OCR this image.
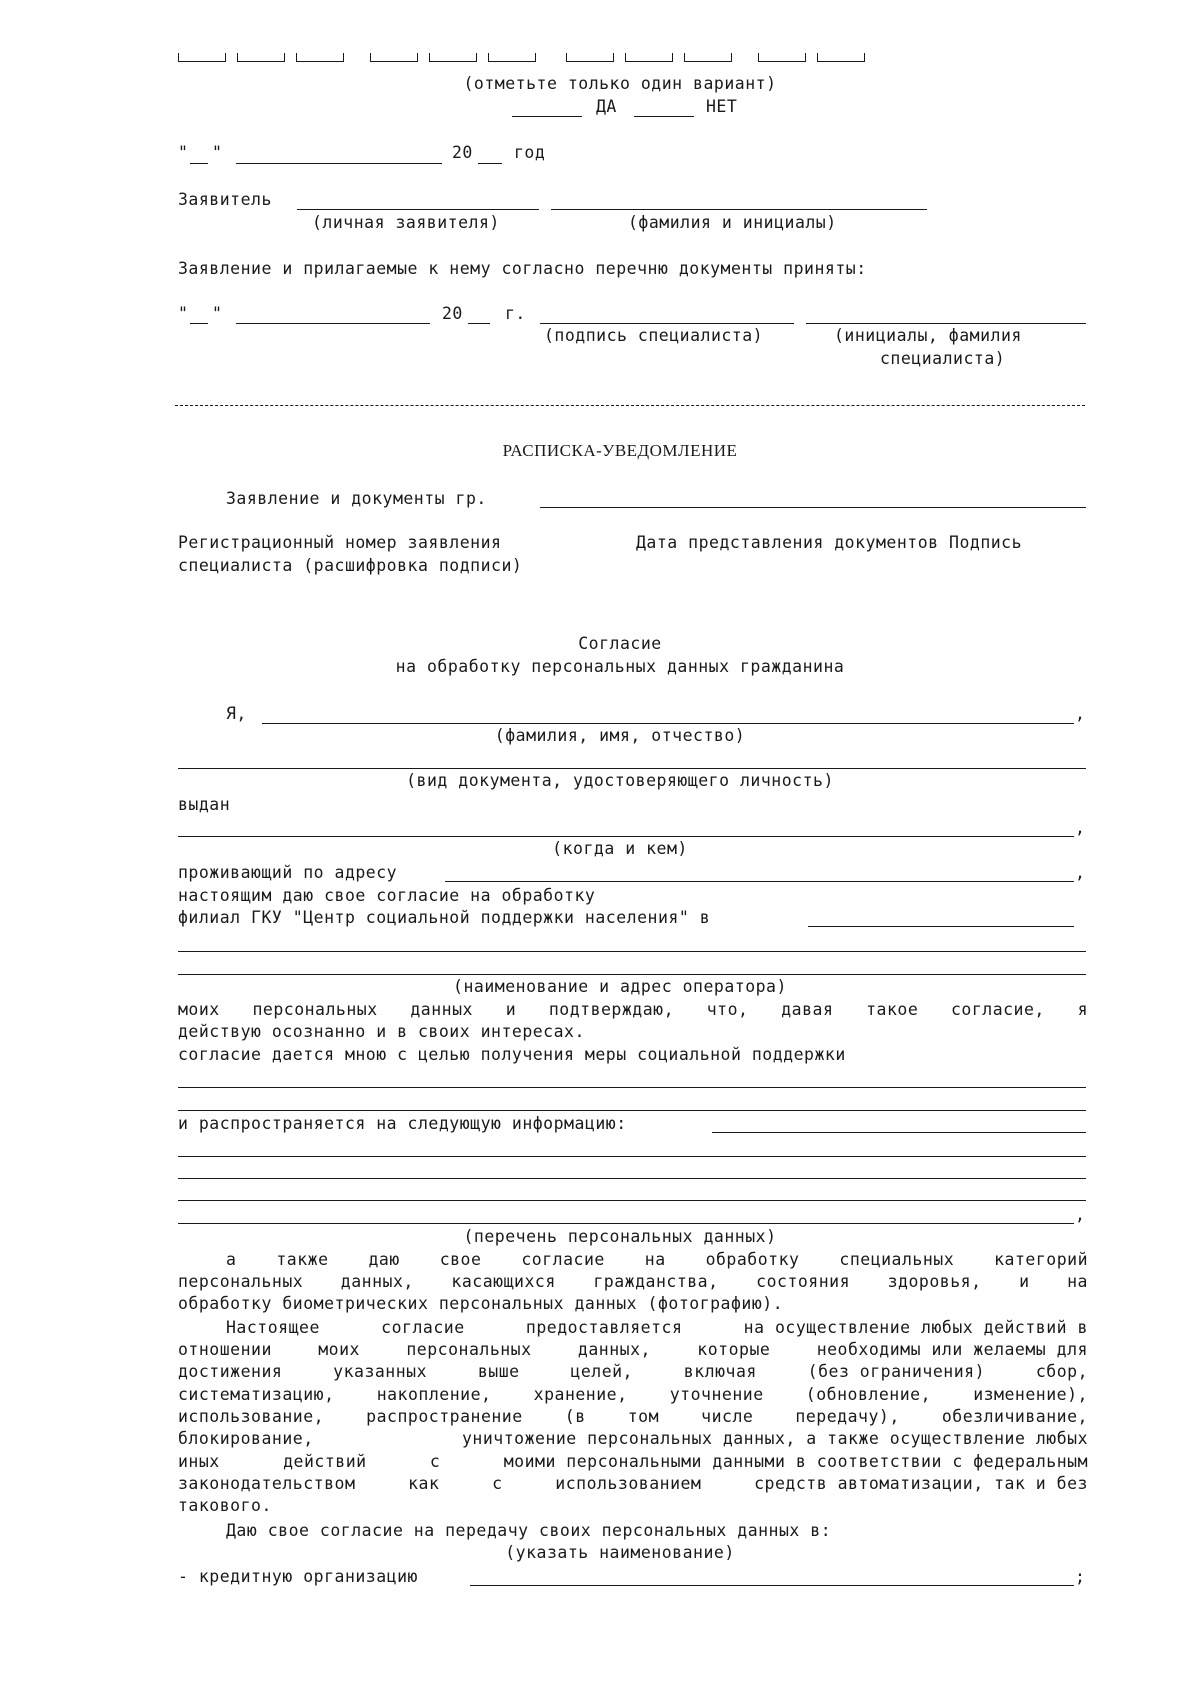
(отметьте только один вариант)
ДА	НЕТ
" "	20 год
Заявитель
(личная заявителя)	(фамилия и инициалы)
Заявление и прилагаемые к нему согласно перечню документы приняты:
" "	20	г.
(подпись специалиста)	(инициалы, фамилия
специалиста)
РАСПИСКА-УВЕДОМЛЕНИЕ
Заявление и документы гр.
Регистрационный номер заявления	Дата представления документов Подпись
специалиста (расшифровка подписи)
Согласие
на обработку персональных данных гражданина
Я,	,
(фамилия, имя, отчество)
(вид документа, удостоверяющего личность)
выдан
,
(когда и кем)
проживающий по адресу	,
настоящим даю свое согласие на обработку
филиал ГКУ "Центр социальной поддержки населения" в
(наименование и адрес оператора)
моих персональных данных и подтверждаю, что, давая такое согласие, я
действую осознанно и в своих интересах.
согласие дается мною с целью получения меры социальной поддержки
и распространяется на следующую информацию:
,
(перечень персональных данных)
а также даю свое согласие на обработку специальных категорий
персональных данных, касающихся гражданства, состояния здоровья, и на
обработку биометрических персональных данных (фотографию).
Настоящее	согласие	предоставляется	на осуществление любых действий в
отношении	моих	персональных	данных,	которые	необходимы или желаемы для
достижения	указанных	выше	целей,	включая	(без ограничения)	сбор,
систематизацию,	накопление,	хранение,	уточнение	(обновление,	изменение),
использование,	распространение	(в	том	числе	передачу),	обезличивание,
блокирование,	уничтожение персональных данных, а также осуществление любых
иных	действий	с	моими персональными данными в соответствии с федеральным
законодательством	как	с	использованием	средств автоматизации, так и без
такового.
Даю свое согласие на передачу своих персональных данных в:
(указать наименование)
- кредитную организацию	;
